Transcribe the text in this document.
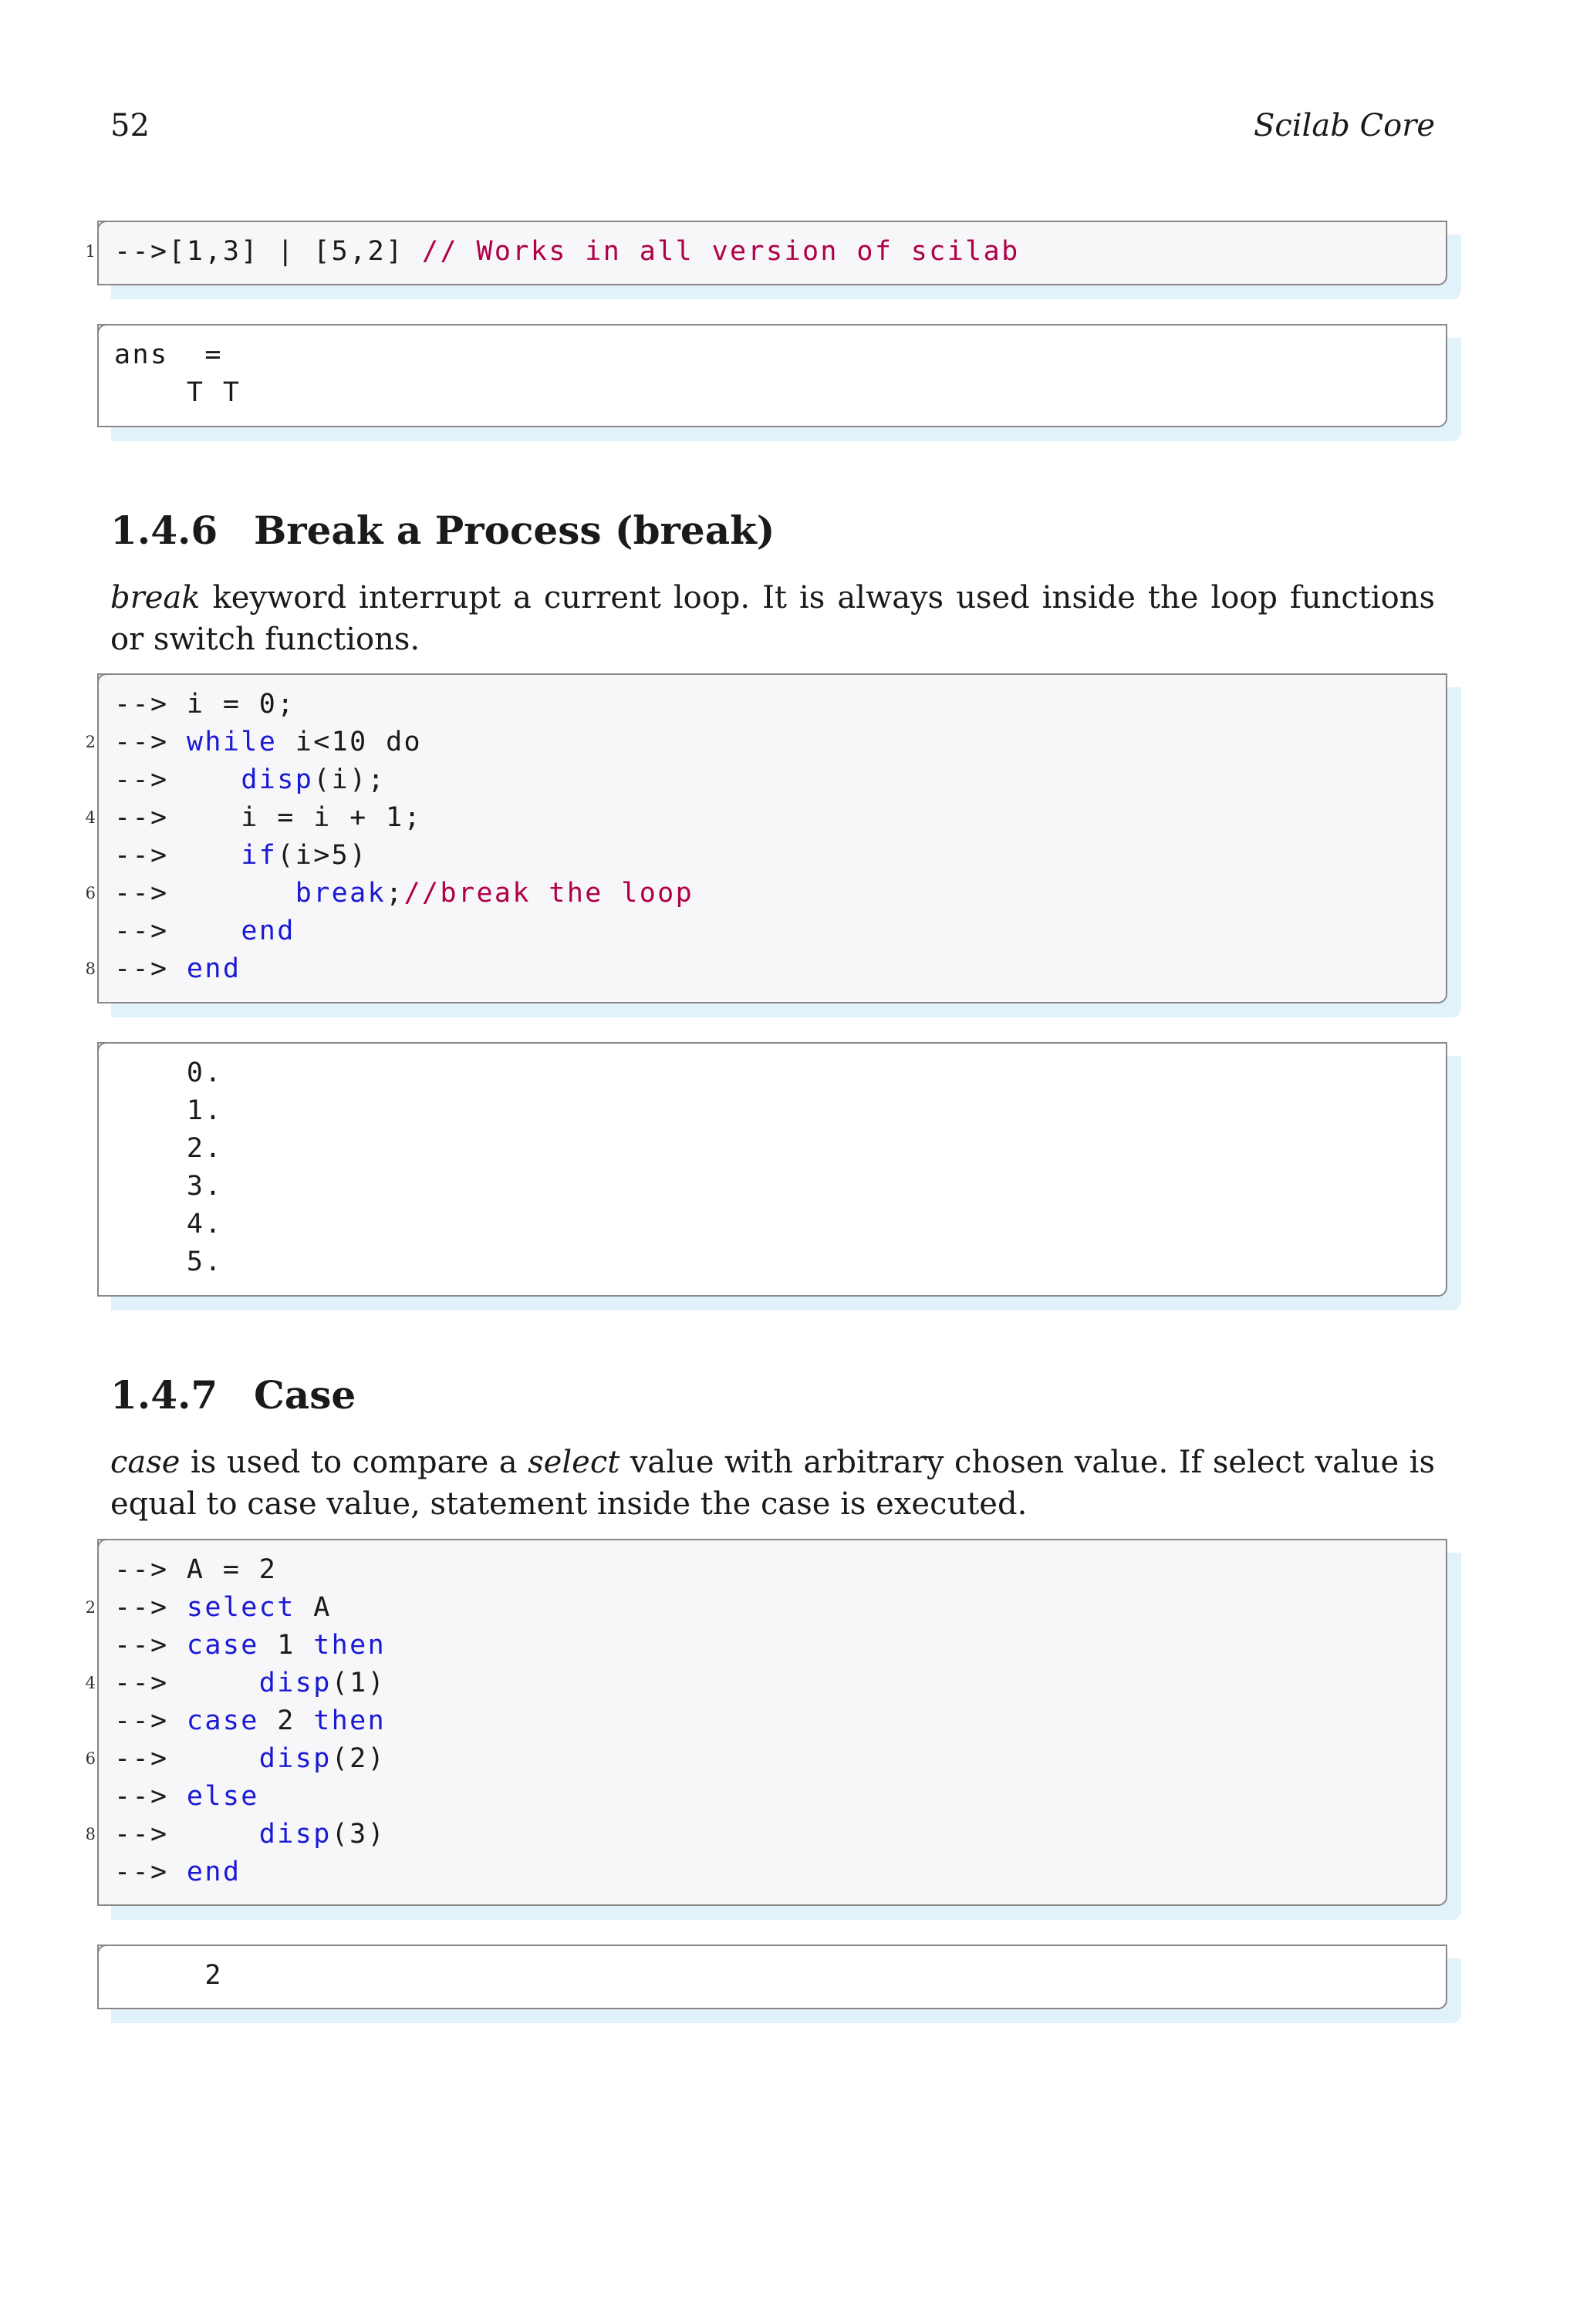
52	Scilab Core
1 -->[1,3] | [5,2] // Works in all version of scilab
ans  =
T T
1.4.6 Break a Process (break)

break keyword interrupt a current loop. It is always used inside the loop functions or switch functions.

--> i = 0;
2 --> while i<10 do
-->    disp(i);
4 -->    i = i + 1;
-->    if(i>5)
6 -->	break;//break the loop
-->    end
8 --> end
0.
1.
2.
3.
4.
5.
1.4.7 Case

case is used to compare a select value with arbitrary chosen value. If select value is equal to case value, statement inside the case is executed.

--> A = 2
2 --> select A
--> case 1 then
4 -->	disp(1)
--> case 2 then
6 -->	disp(2)
--> else
8 -->	disp(3)
--> end
2
